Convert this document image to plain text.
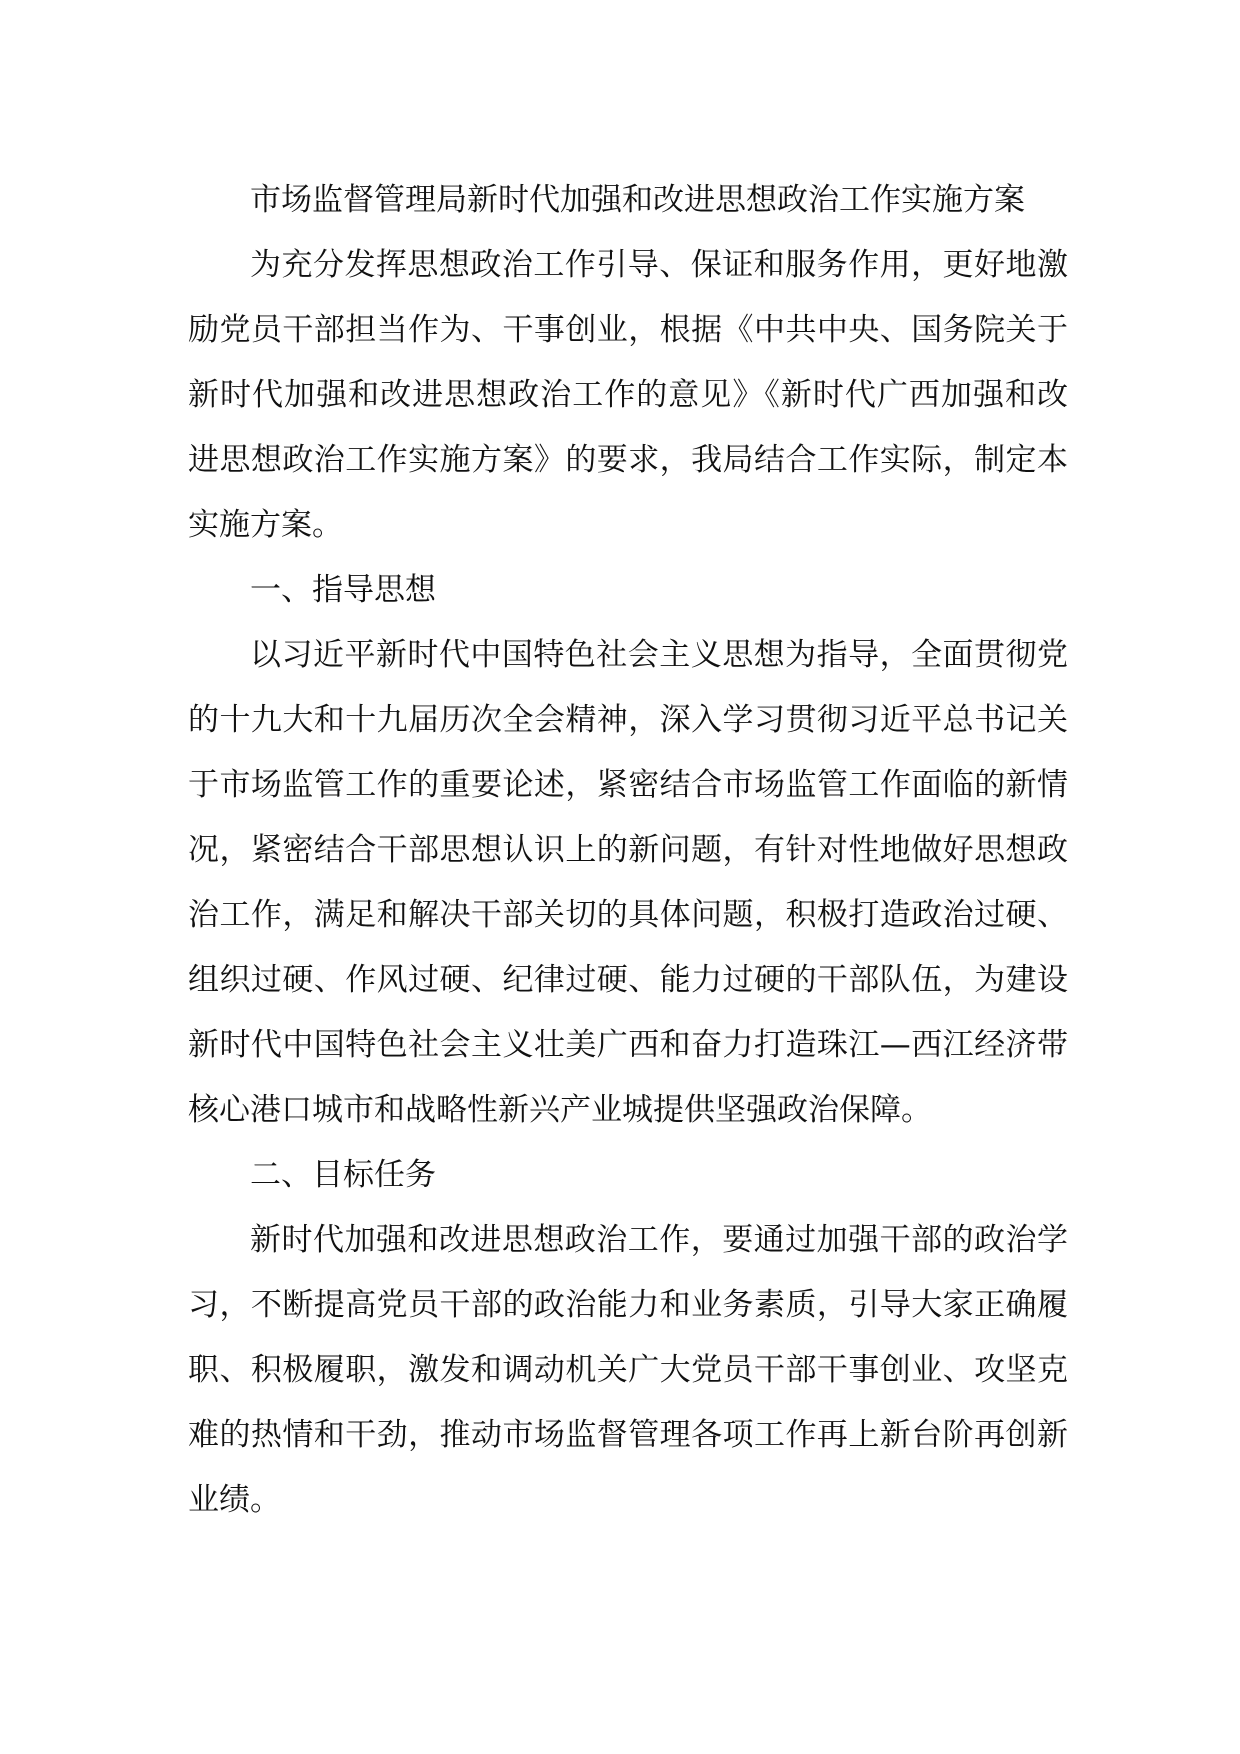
市场监督管理局新时代加强和改进思想政治工作实施方案

为充分发挥思想政治工作引导、保证和服务作用，更好地激励党员干部担当作为、干事创业，根据《中共中央、国务院关于新时代加强和改进思想政治工作的意见》《新时代广西加强和改进思想政治工作实施方案》的要求，我局结合工作实际，制定本实施方案。

一、指导思想

以习近平新时代中国特色社会主义思想为指导，全面贯彻党的十九大和十九届历次全会精神，深入学习贯彻习近平总书记关于市场监管工作的重要论述，紧密结合市场监管工作面临的新情况，紧密结合干部思想认识上的新问题，有针对性地做好思想政治工作，满足和解决干部关切的具体问题，积极打造政治过硬、组织过硬、作风过硬、纪律过硬、能力过硬的干部队伍，为建设新时代中国特色社会主义壮美广西和奋力打造珠江—西江经济带核心港口城市和战略性新兴产业城提供坚强政治保障。

二、目标任务

新时代加强和改进思想政治工作，要通过加强干部的政治学习，不断提高党员干部的政治能力和业务素质，引导大家正确履职、积极履职，激发和调动机关广大党员干部干事创业、攻坚克难的热情和干劲，推动市场监督管理各项工作再上新台阶再创新业绩。
